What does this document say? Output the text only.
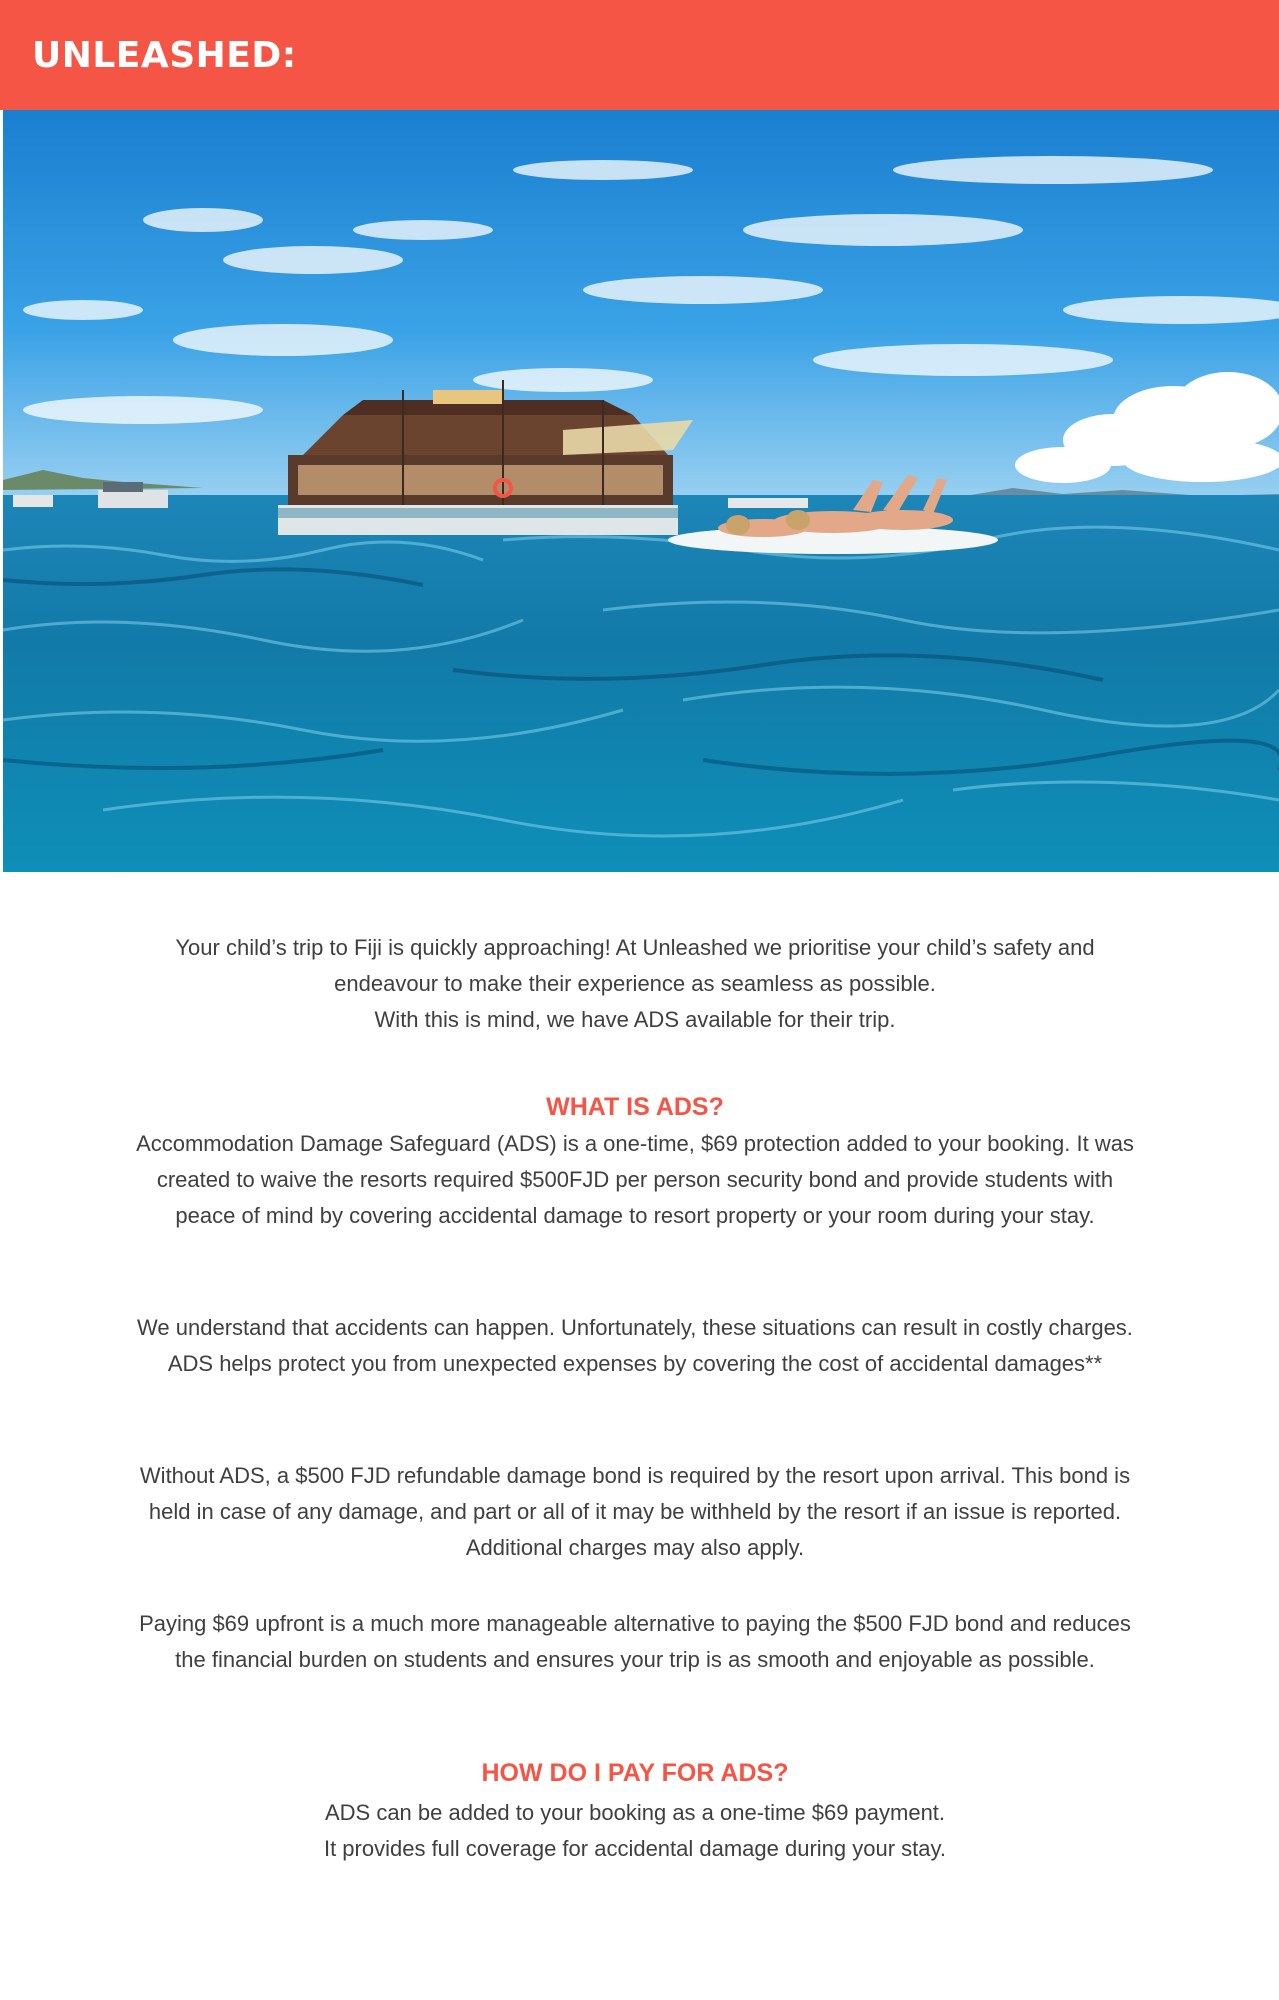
UNLEASHED:

Your child’s trip to Fiji is quickly approaching! At Unleashed we prioritise your child’s safety and endeavour to make their experience as seamless as possible.

With this is mind, we have ADS available for their trip.

WHAT IS ADS?

Accommodation Damage Safeguard (ADS) is a one-time, $69 protection added to your booking. It was created to waive the resorts required $500FJD per person security bond and provide students with peace of mind by covering accidental damage to resort property or your room during your stay.

We understand that accidents can happen. Unfortunately, these situations can result in costly charges. ADS helps protect you from unexpected expenses by covering the cost of accidental damages**

Without ADS, a $500 FJD refundable damage bond is required by the resort upon arrival. This bond is held in case of any damage, and part or all of it may be withheld by the resort if an issue is reported. Additional charges may also apply.

Paying $69 upfront is a much more manageable alternative to paying the $500 FJD bond and reduces the financial burden on students and ensures your trip is as smooth and enjoyable as possible.

HOW DO I PAY FOR ADS?

ADS can be added to your booking as a one-time $69 payment.

It provides full coverage for accidental damage during your stay.
